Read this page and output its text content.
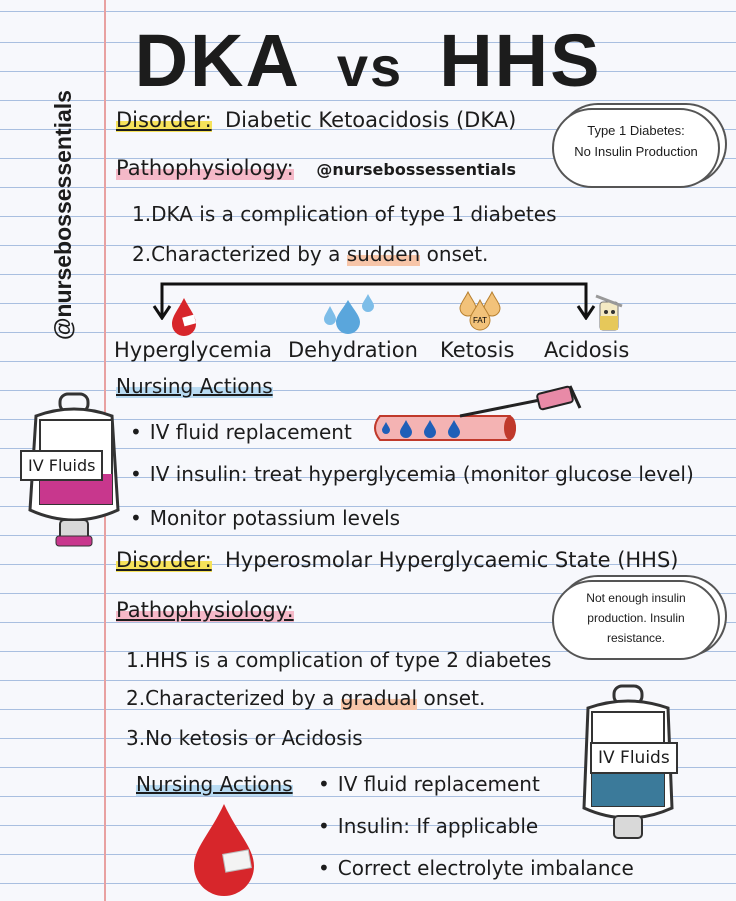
DKA vs HHS
@nursebossessentials Disorder: Diabetic Ketoacidosis (DKA)
Pathophysiology: @nursebossessentials
Type 1 Diabetes:
No Insulin Production
1.DKA is a complication of type 1 diabetes
2.Characterized by a sudden onset.
FAT
Hyperglycemia Dehydration Ketosis Acidosis
Nursing Actions
IV Fluids
• IV fluid replacement
• IV insulin: treat hyperglycemia (monitor glucose level)
• Monitor potassium levels
Disorder: Hyperosmolar Hyperglycaemic State (HHS)
Pathophysiology:	Not enough insulin
production. Insulin
resistance.
1.HHS is a complication of type 2 diabetes
2.Characterized by a gradual onset.
3.No ketosis or Acidosis
IV Fluids
Nursing Actions
•	IV fluid replacement
• Insulin: If applicable
• Correct electrolyte imbalance
